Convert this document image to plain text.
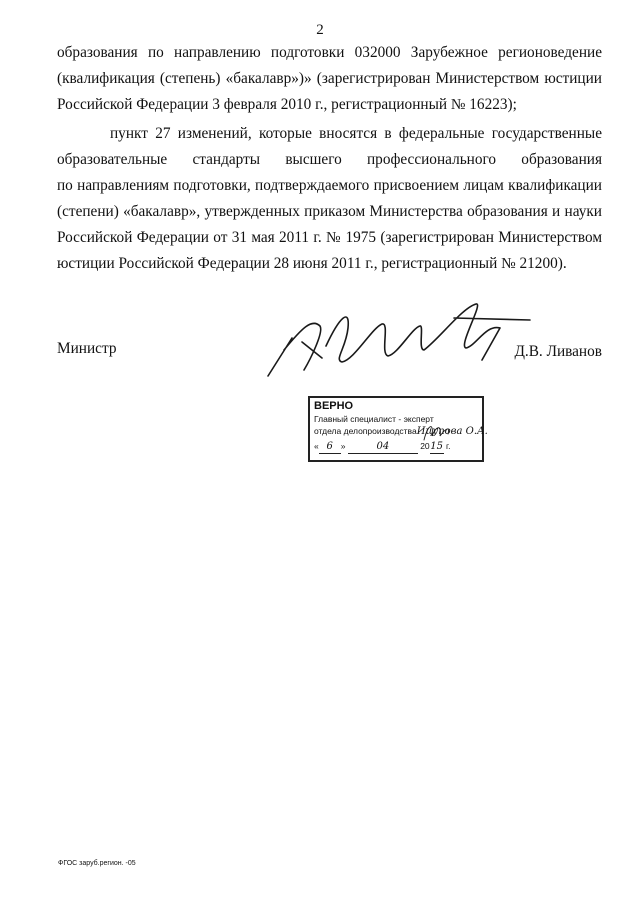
2
образования по направлению подготовки 032000 Зарубежное регионоведение
(квалификация (степень) «бакалавр»)» (зарегистрирован Министерством юстиции
Российской Федерации 3 февраля 2010 г., регистрационный № 16223);
пункт 27 изменений, которые вносятся в федеральные государственные
образовательные стандарты высшего профессионального образования
по направлениям подготовки, подтверждаемого присвоением лицам квалификации
(степени) «бакалавр», утвержденных приказом Министерства образования и науки
Российской Федерации от 31 мая 2011 г. № 1975 (зарегистрирован Министерством
юстиции Российской Федерации 28 июня 2011 г., регистрационный № 21200).
Министр	Д.В. Ливанов
ВЕРНО
Главный специалист - эксперт
отдела делопроизводстваИцупова О.А.
« 6 »	04	2015 г.
ФГОС заруб.регион. -05
